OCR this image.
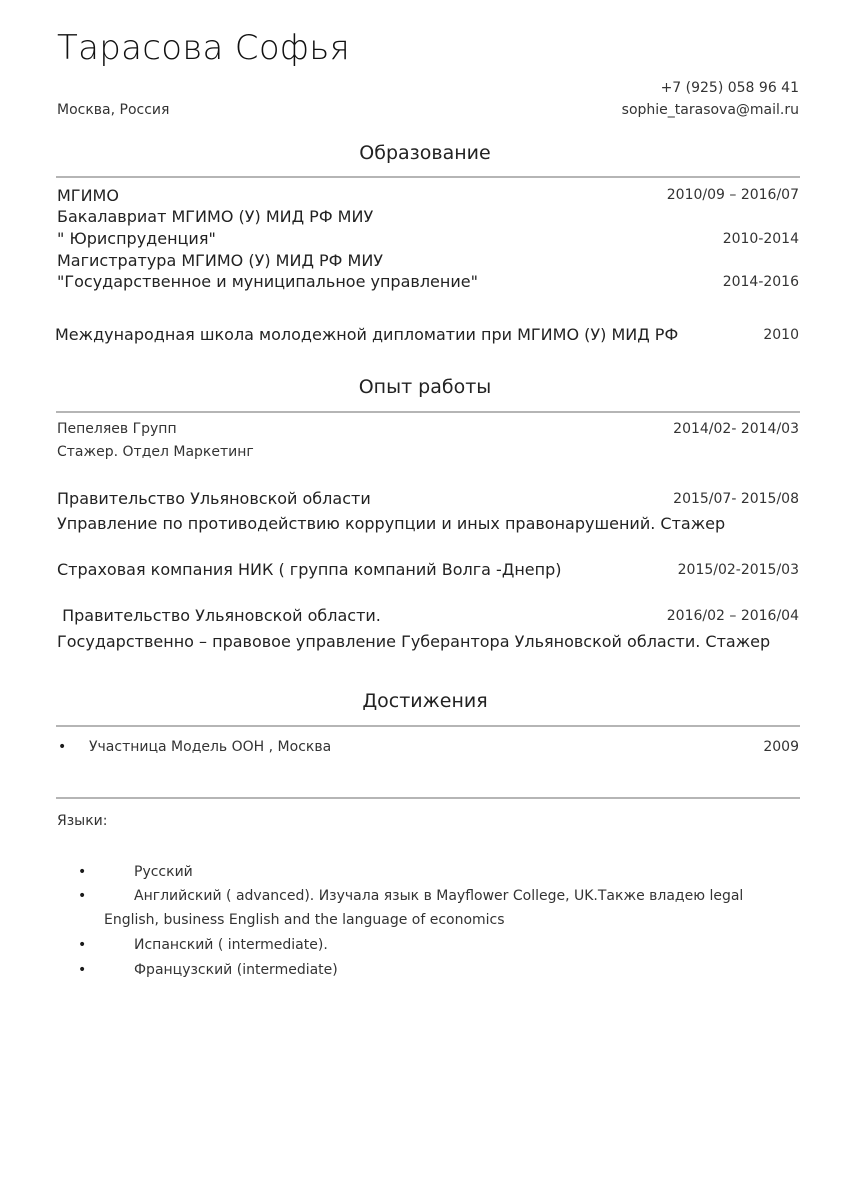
Тарасова Софья
+7 (925) 058 96 41
Москва, Россия	sophie_tarasova@mail.ru
Образование
МГИМО	2010/09 – 2016/07
Бакалавриат МГИМО (У) МИД РФ МИУ
" Юриспруденция"	2010-2014
Магистратура МГИМО (У) МИД РФ МИУ
"Государственное и муниципальное управление"	2014-2016
Международная школа молодежной дипломатии при МГИМО (У) МИД РФ	2010
Опыт работы
Пепеляев Групп	2014/02- 2014/03
Стажер. Отдел Маркетинг
Правительство Ульяновской области	2015/07- 2015/08
Управление по противодействию коррупции и иных правонарушений. Стажер
Страховая компания НИК ( группа компаний Волга -Днепр)	2015/02-2015/03
Правительство Ульяновской области.	2016/02 – 2016/04
Государственно – правовое управление Губерантора Ульяновской области. Стажер
Достижения
• Участница Модель ООН , Москва	2009
Языки:
•	Русский
•	Английский ( advanced). Изучала язык в Mayflower College, UK.Также владею legal
English, business English and the language of economics
•	Испанский ( intermediate).
•	Французский (intermediate)
